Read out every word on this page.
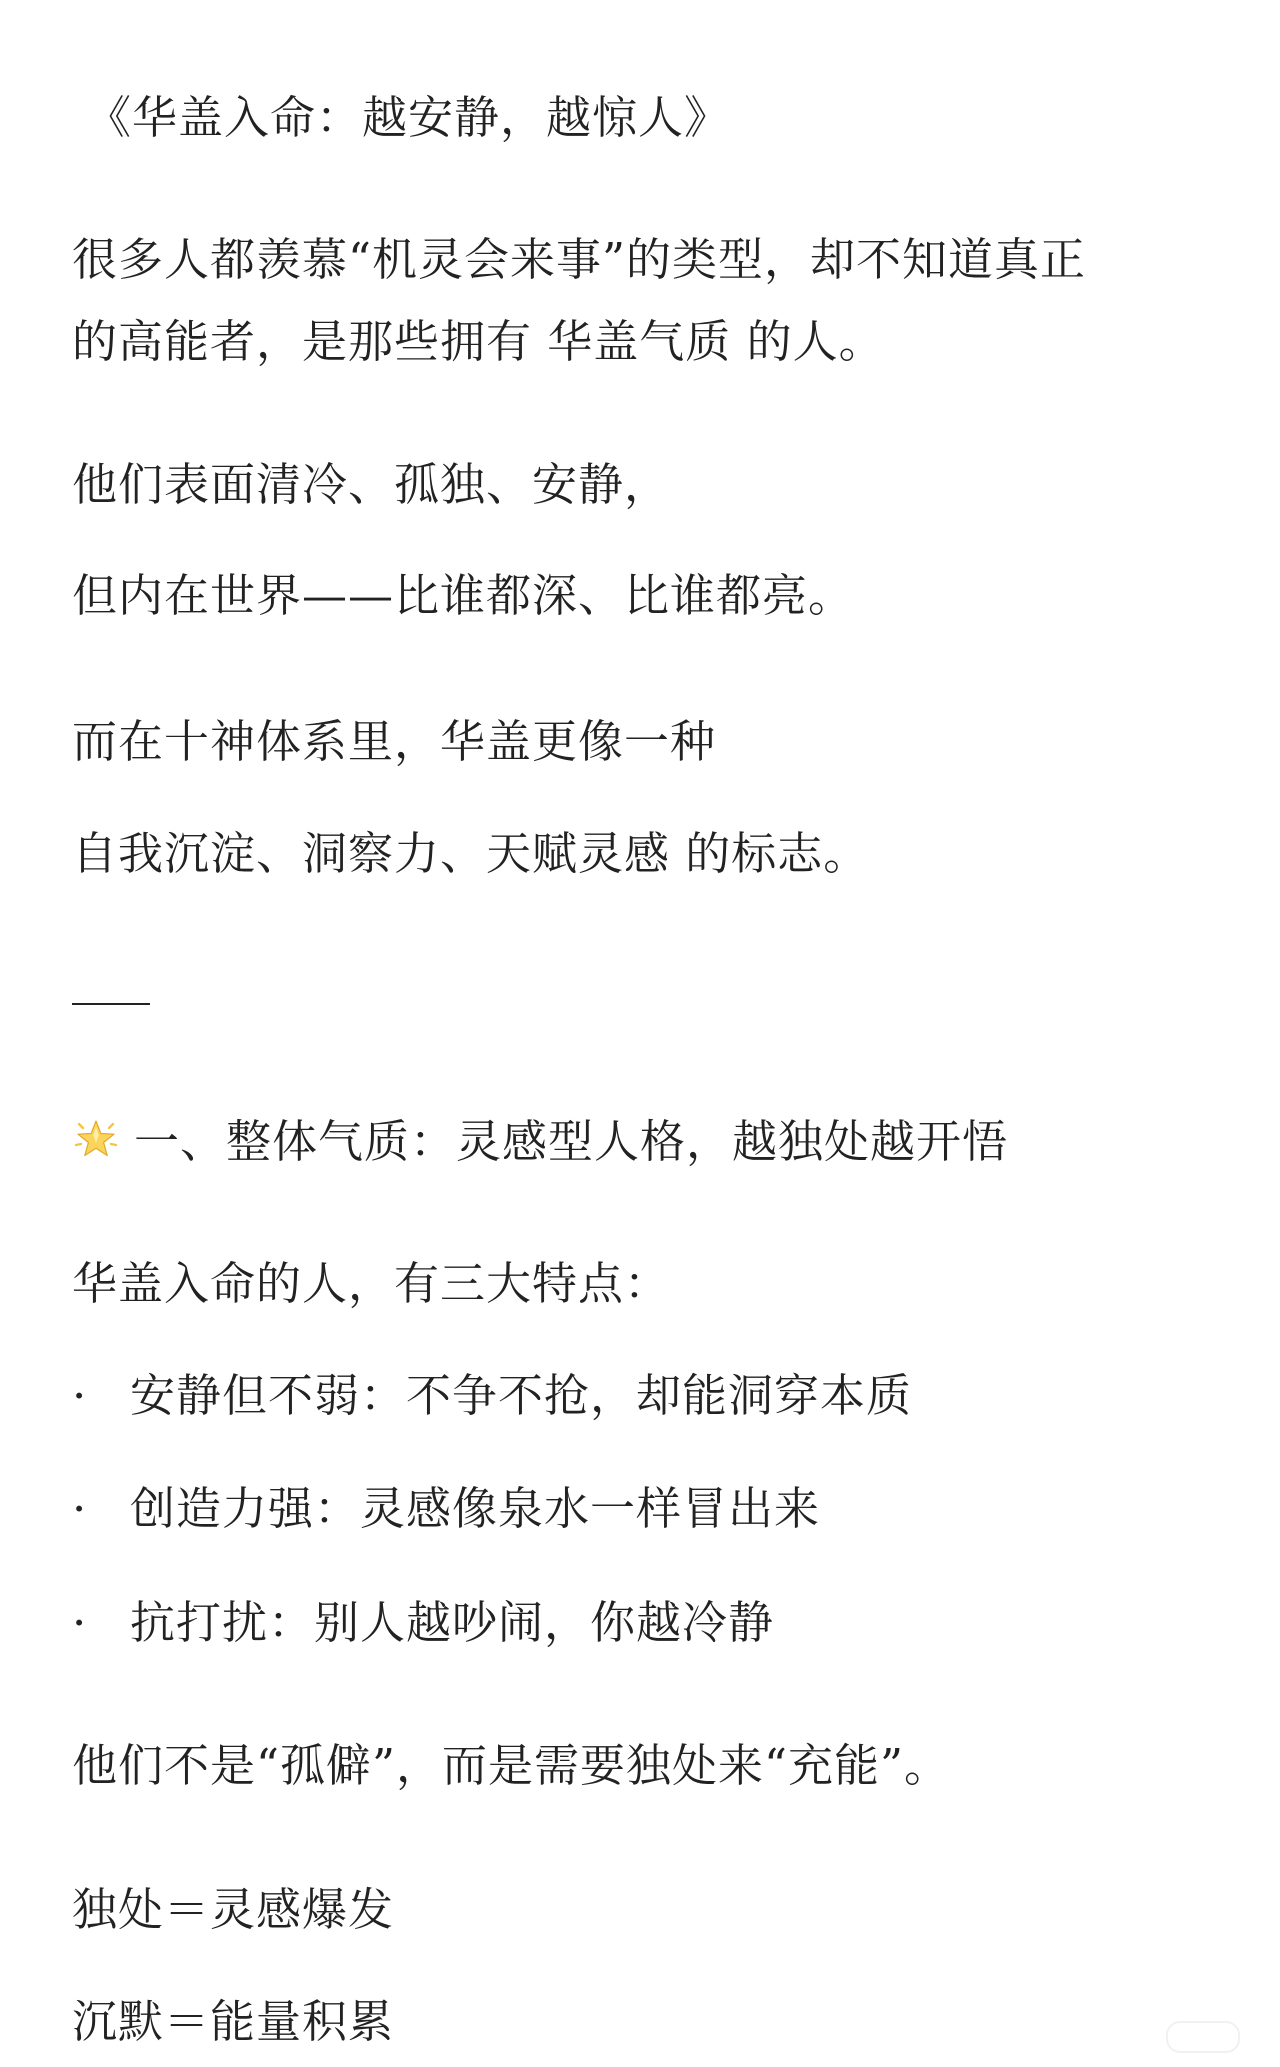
《华盖入命：越安静，越惊人》
很多人都羡慕“机灵会来事”的类型，却不知道真正
的高能者，是那些拥有 华盖气质 的人。
他们表面清冷、孤独、安静，
但内在世界——比谁都深、比谁都亮。
而在十神体系里，华盖更像一种
自我沉淀、洞察力、天赋灵感 的标志。
一、整体气质：灵感型人格，越独处越开悟
华盖入命的人，有三大特点：
· 安静但不弱：不争不抢，却能洞穿本质
· 创造力强：灵感像泉水一样冒出来
· 抗打扰：别人越吵闹，你越冷静
他们不是“孤僻”，而是需要独处来“充能”。
独处＝灵感爆发
沉默＝能量积累
